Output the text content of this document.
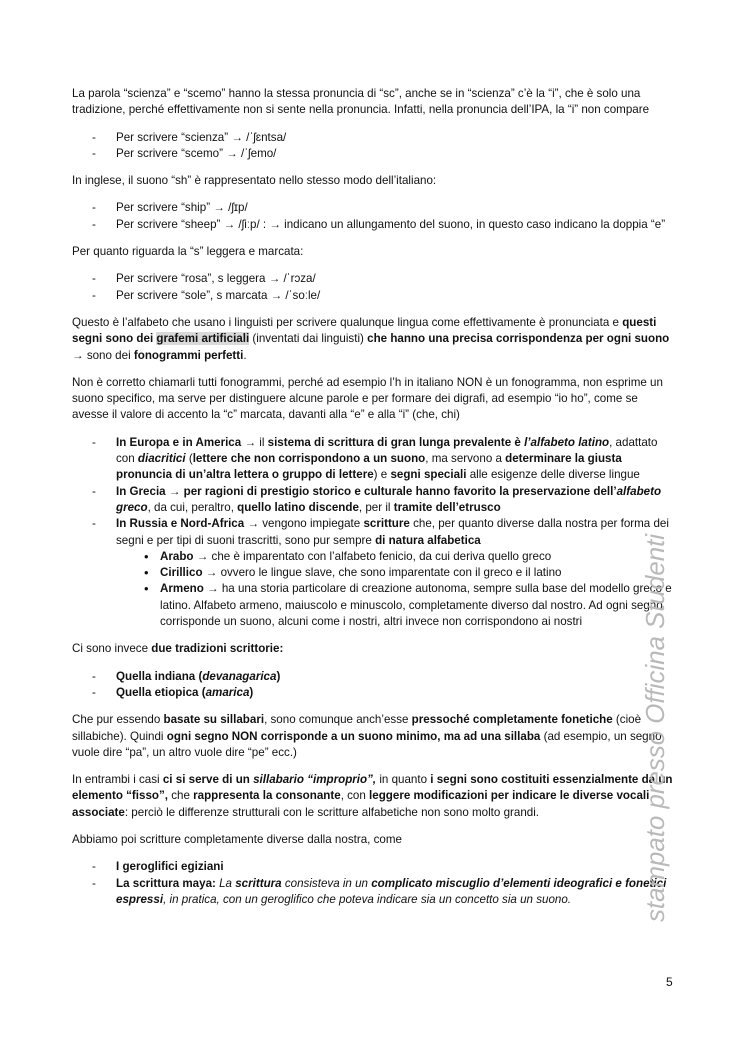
La parola “scienza” e “scemo” hanno la stessa pronuncia di “sc”, anche se in “scienza” c’è la “i”, che è solo una tradizione, perché effettivamente non si sente nella pronuncia. Infatti, nella pronuncia dell’IPA, la “i” non compare

- Per scrivere “scienza” → /ˈʃɛntsa/
- Per scrivere “scemo” → /ˈʃemo/

In inglese, il suono “sh” è rappresentato nello stesso modo dell’italiano:

- Per scrivere “ship” → /ʃɪp/
- Per scrivere “sheep” → /ʃiːp/ : → indicano un allungamento del suono, in questo caso indicano la doppia “e”

Per quanto riguarda la “s” leggera e marcata:

- Per scrivere “rosa”, s leggera → /ˈrɔza/
- Per scrivere “sole”, s marcata → /ˈsoːle/

Questo è l’alfabeto che usano i linguisti per scrivere qualunque lingua come effettivamente è pronunciata e questi segni sono dei grafemi artificiali (inventati dai linguisti) che hanno una precisa corrispondenza per ogni suono → sono dei fonogrammi perfetti.

Non è corretto chiamarli tutti fonogrammi, perché ad esempio l’h in italiano NON è un fonogramma, non esprime un suono specifico, ma serve per distinguere alcune parole e per formare dei digrafi, ad esempio “io ho”, come se avesse il valore di accento la “c” marcata, davanti alla “e” e alla “i” (che, chi)

- In Europa e in America → il sistema di scrittura di gran lunga prevalente è l’alfabeto latino, adattato con diacritici (lettere che non corrispondono a un suono, ma servono a determinare la giusta pronuncia di un’altra lettera o gruppo di lettere) e segni speciali alle esigenze delle diverse lingue
- In Grecia → per ragioni di prestigio storico e culturale hanno favorito la preservazione dell’alfabeto greco, da cui, peraltro, quello latino discende, per il tramite dell’etrusco
- In Russia e Nord-Africa → vengono impiegate scritture che, per quanto diverse dalla nostra per forma dei segni e per tipi di suoni trascritti, sono pur sempre di natura alfabetica
• Arabo → che è imparentato con l’alfabeto fenicio, da cui deriva quello greco
• Cirillico → ovvero le lingue slave, che sono imparentate con il greco e il latino
• Armeno → ha una storia particolare di creazione autonoma, sempre sulla base del modello greco e latino. Alfabeto armeno, maiuscolo e minuscolo, completamente diverso dal nostro. Ad ogni segno corrisponde un suono, alcuni come i nostri, altri invece non corrispondono ai nostri

Ci sono invece due tradizioni scrittorie:

- Quella indiana (devanagarica)
- Quella etiopica (amarica)

Che pur essendo basate su sillabari, sono comunque anch’esse pressoché completamente fonetiche (cioè sillabiche). Quindi ogni segno NON corrisponde a un suono minimo, ma ad una sillaba (ad esempio, un segno vuole dire “pa”, un altro vuole dire “pe” ecc.)

In entrambi i casi ci si serve di un sillabario “improprio”, in quanto i segni sono costituiti essenzialmente da un elemento “fisso”, che rappresenta la consonante, con leggere modificazioni per indicare le diverse vocali associate: perciò le differenze strutturali con le scritture alfabetiche non sono molto grandi.

Abbiamo poi scritture completamente diverse dalla nostra, come

- I geroglifici egiziani
- La scrittura maya: La scrittura consisteva in un complicato miscuglio d’elementi ideografici e fonetici espressi, in pratica, con un geroglifico che poteva indicare sia un concetto sia un suono.	stampato presso Officina Studenti
5
